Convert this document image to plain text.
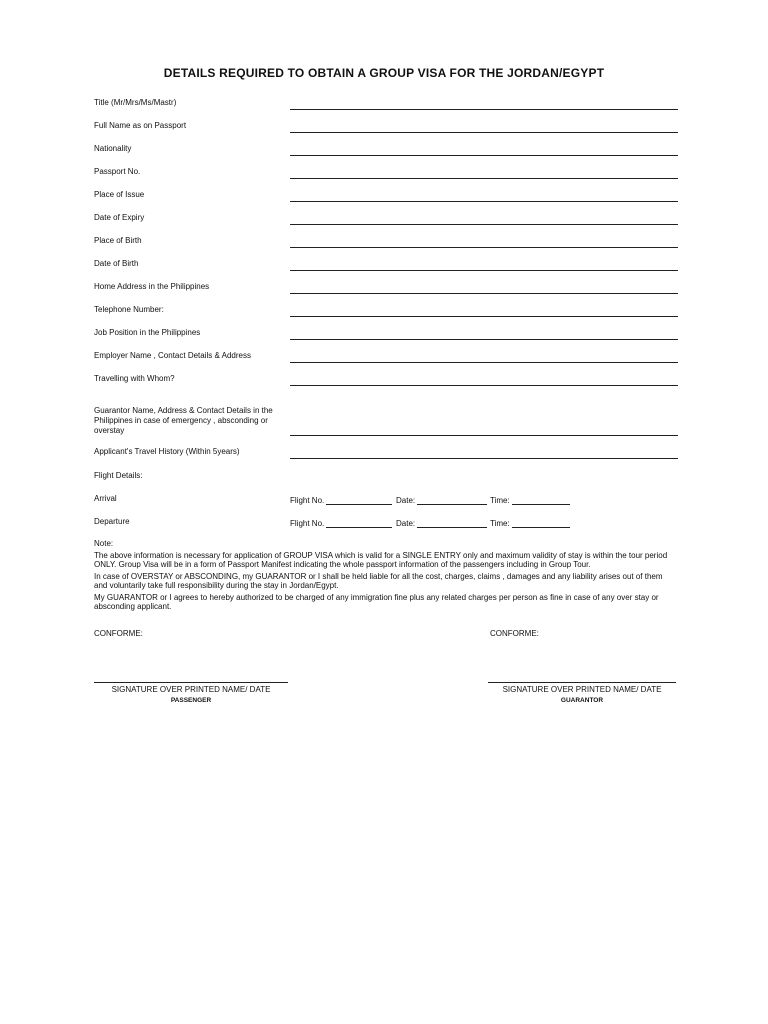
DETAILS REQUIRED TO OBTAIN A GROUP VISA FOR THE JORDAN/EGYPT
Title (Mr/Mrs/Ms/Mastr)
Full Name as on Passport
Nationality
Passport No.
Place of Issue
Date of Expiry
Place of Birth
Date of Birth
Home Address in the Philippines
Telephone Number:
Job Position in the Philippines
Employer Name , Contact Details & Address
Travelling with Whom?
Guarantor Name, Address & Contact Details in the Philippines in case of emergency , absconding or overstay
Applicant's Travel History (Within 5years)
Flight Details:
Arrival	Flight No.	Date:	Time:
Departure	Flight No.	Date:	Time:

Note:

The above information is necessary for application of GROUP VISA which is valid for a SINGLE ENTRY only and maximum validity of stay is within the tour period ONLY. Group Visa will be in a form of Passport Manifest indicating the whole passport information of the passengers including in Group Tour.

In case of OVERSTAY or ABSCONDING, my GUARANTOR or I shall be held liable for all the cost, charges, claims , damages and any liability arises out of them and voluntarily take full responsibility during the stay in Jordan/Egypt.

My GUARANTOR or I agrees to hereby authorized to be charged of any immigration fine plus any related charges per person as fine in case of any over stay or absconding applicant.

CONFORME:	CONFORME:
SIGNATURE OVER PRINTED NAME/ DATE	SIGNATURE OVER PRINTED NAME/ DATE
PASSENGER	GUARANTOR
